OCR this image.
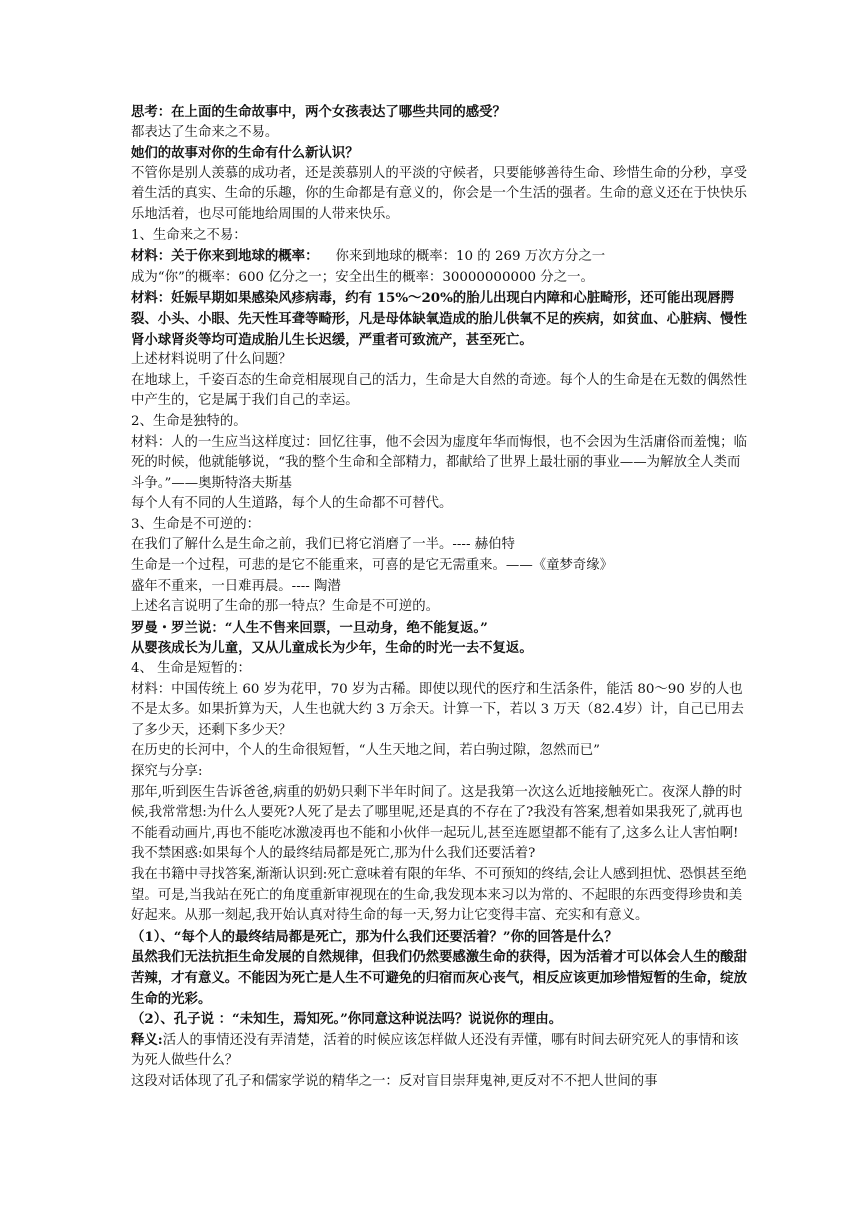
思考：在上面的生命故事中，两个女孩表达了哪些共同的感受？

都表达了生命来之不易。

她们的故事对你的生命有什么新认识？

不管你是别人羡慕的成功者，还是羡慕别人的平淡的守候者，只要能够善待生命、珍惜生命的分秒，享受着生活的真实、生命的乐趣，你的生命都是有意义的，你会是一个生活的强者。生命的意义还在于快快乐乐地活着，也尽可能地给周围的人带来快乐。

1、生命来之不易：

材料：关于你来到地球的概率： 你来到地球的概率：10 的 269 万次方分之一

成为“你”的概率：600 亿分之一；安全出生的概率：30000000000 分之一。

材料：妊娠早期如果感染风疹病毒，约有 15%～20%的胎儿出现白内障和心脏畸形，还可能出现唇腭裂、小头、小眼、先天性耳聋等畸形，凡是母体缺氧造成的胎儿供氧不足的疾病，如贫血、心脏病、慢性肾小球肾炎等均可造成胎儿生长迟缓，严重者可致流产，甚至死亡。

上述材料说明了什么问题？

在地球上，千姿百态的生命竞相展现自己的活力，生命是大自然的奇迹。每个人的生命是在无数的偶然性中产生的，它是属于我们自己的幸运。

2、生命是独特的。

材料：人的一生应当这样度过：回忆往事，他不会因为虚度年华而悔恨，也不会因为生活庸俗而羞愧；临死的时候，他就能够说，“我的整个生命和全部精力，都献给了世界上最壮丽的事业——为解放全人类而斗争。”——奥斯特洛夫斯基

每个人有不同的人生道路，每个人的生命都不可替代。

3、生命是不可逆的：

在我们了解什么是生命之前，我们已将它消磨了一半。---- 赫伯特

生命是一个过程，可悲的是它不能重来，可喜的是它无需重来。——《童梦奇缘》

盛年不重来，一日难再晨。---- 陶潜

上述名言说明了生命的那一特点？生命是不可逆的。

罗曼・罗兰说：“人生不售来回票，一旦动身，绝不能复返。”

从婴孩成长为儿童，又从儿童成长为少年，生命的时光一去不复返。

4、 生命是短暂的：

材料：中国传统上 60 岁为花甲，70 岁为古稀。即使以现代的医疗和生活条件，能活 80～90 岁的人也不是太多。如果折算为天，人生也就大约 3 万余天。计算一下，若以 3 万天（82.4岁）计，自己已用去了多少天，还剩下多少天？

在历史的长河中，个人的生命很短暂，“人生天地之间，若白驹过隙，忽然而已”

探究与分享:

那年,听到医生告诉爸爸,病重的奶奶只剩下半年时间了。这是我第一次这么近地接触死亡。夜深人静的时候,我常常想:为什么人要死?人死了是去了哪里呢,还是真的不存在了?我没有答案,想着如果我死了,就再也不能看动画片,再也不能吃冰激凌再也不能和小伙伴一起玩儿,甚至连愿望都不能有了,这多么让人害怕啊!我不禁困惑:如果每个人的最终结局都是死亡,那为什么我们还要活着?

我在书籍中寻找答案,渐渐认识到:死亡意味着有限的年华、不可预知的终结,会让人感到担忧、恐惧甚至绝望。可是,当我站在死亡的角度重新审视现在的生命,我发现本来习以为常的、不起眼的东西变得珍贵和美好起来。从那一刻起,我开始认真对待生命的每一天,努力让它变得丰富、充实和有意义。

（1）、“每个人的最终结局都是死亡，那为什么我们还要活着？”你的回答是什么？

虽然我们无法抗拒生命发展的自然规律，但我们仍然要感激生命的获得，因为活着才可以体会人生的酸甜苦辣，才有意义。不能因为死亡是人生不可避免的归宿而灰心丧气，相反应该更加珍惜短暂的生命，绽放生命的光彩。

（2）、孔子说 ：“未知生，焉知死。”你同意这种说法吗？说说你的理由。

释义:活人的事情还没有弄清楚，活着的时候应该怎样做人还没有弄懂，哪有时间去研究死人的事情和该为死人做些什么？

这段对话体现了孔子和儒家学说的精华之一：反对盲目崇拜鬼神,更反对不不把人世间的事
